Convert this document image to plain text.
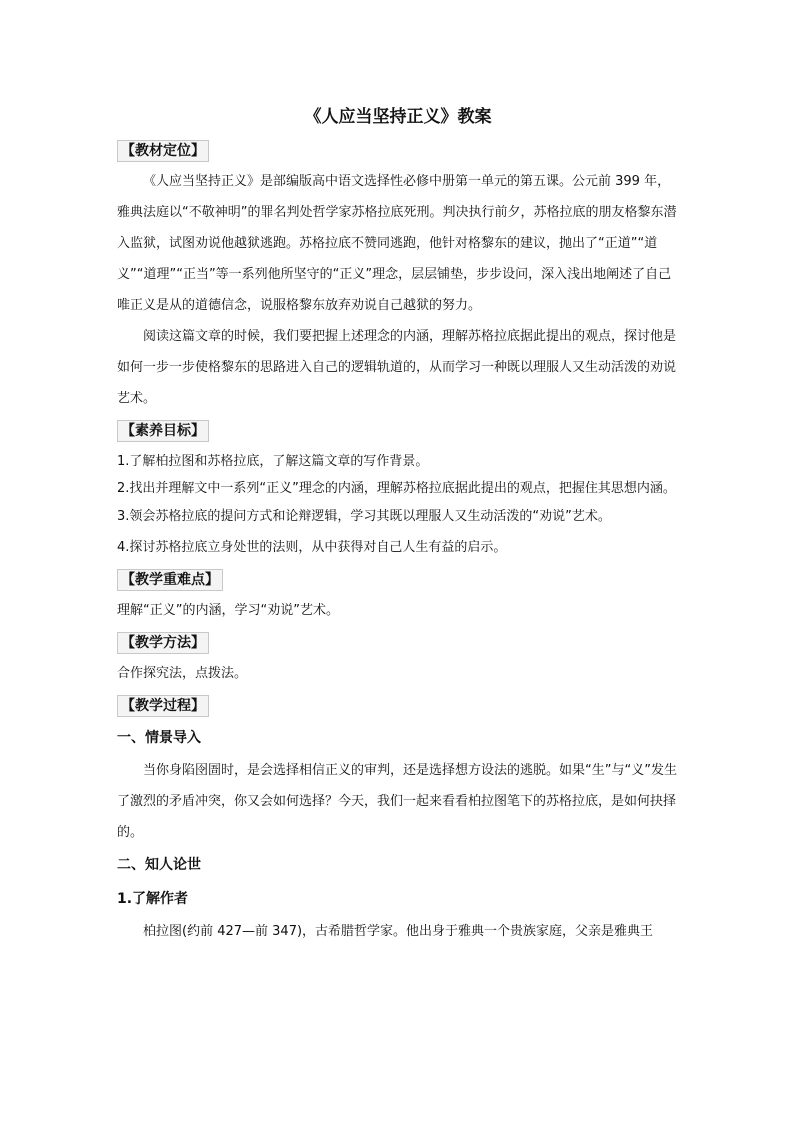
《人应当坚持正义》教案
【教材定位】

《人应当坚持正义》是部编版高中语文选择性必修中册第一单元的第五课。公元前 399 年，雅典法庭以“不敬神明”的罪名判处哲学家苏格拉底死刑。判决执行前夕，苏格拉底的朋友格黎东潜入监狱，试图劝说他越狱逃跑。苏格拉底不赞同逃跑，他针对格黎东的建议，抛出了“正道”“道义”“道理”“正当”等一系列他所坚守的“正义”理念，层层铺垫，步步设问，深入浅出地阐述了自己唯正义是从的道德信念，说服格黎东放弃劝说自己越狱的努力。

阅读这篇文章的时候，我们要把握上述理念的内涵，理解苏格拉底据此提出的观点，探讨他是如何一步一步使格黎东的思路进入自己的逻辑轨道的，从而学习一种既以理服人又生动活泼的劝说艺术。

【素养目标】

1.了解柏拉图和苏格拉底，了解这篇文章的写作背景。

2.找出并理解文中一系列“正义”理念的内涵，理解苏格拉底据此提出的观点，把握住其思想内涵。

3.领会苏格拉底的提问方式和论辩逻辑，学习其既以理服人又生动活泼的“劝说”艺术。

4.探讨苏格拉底立身处世的法则，从中获得对自己人生有益的启示。

【教学重难点】

理解“正义”的内涵，学习“劝说”艺术。

【教学方法】

合作探究法，点拨法。

【教学过程】
一、情景导入

当你身陷囹圄时，是会选择相信正义的审判，还是选择想方设法的逃脱。如果“生”与“义”发生了激烈的矛盾冲突，你又会如何选择？今天，我们一起来看看柏拉图笔下的苏格拉底，是如何抉择的。

二、知人论世
1.了解作者

柏拉图(约前 427—前 347)，古希腊哲学家。他出身于雅典一个贵族家庭，父亲是雅典王
